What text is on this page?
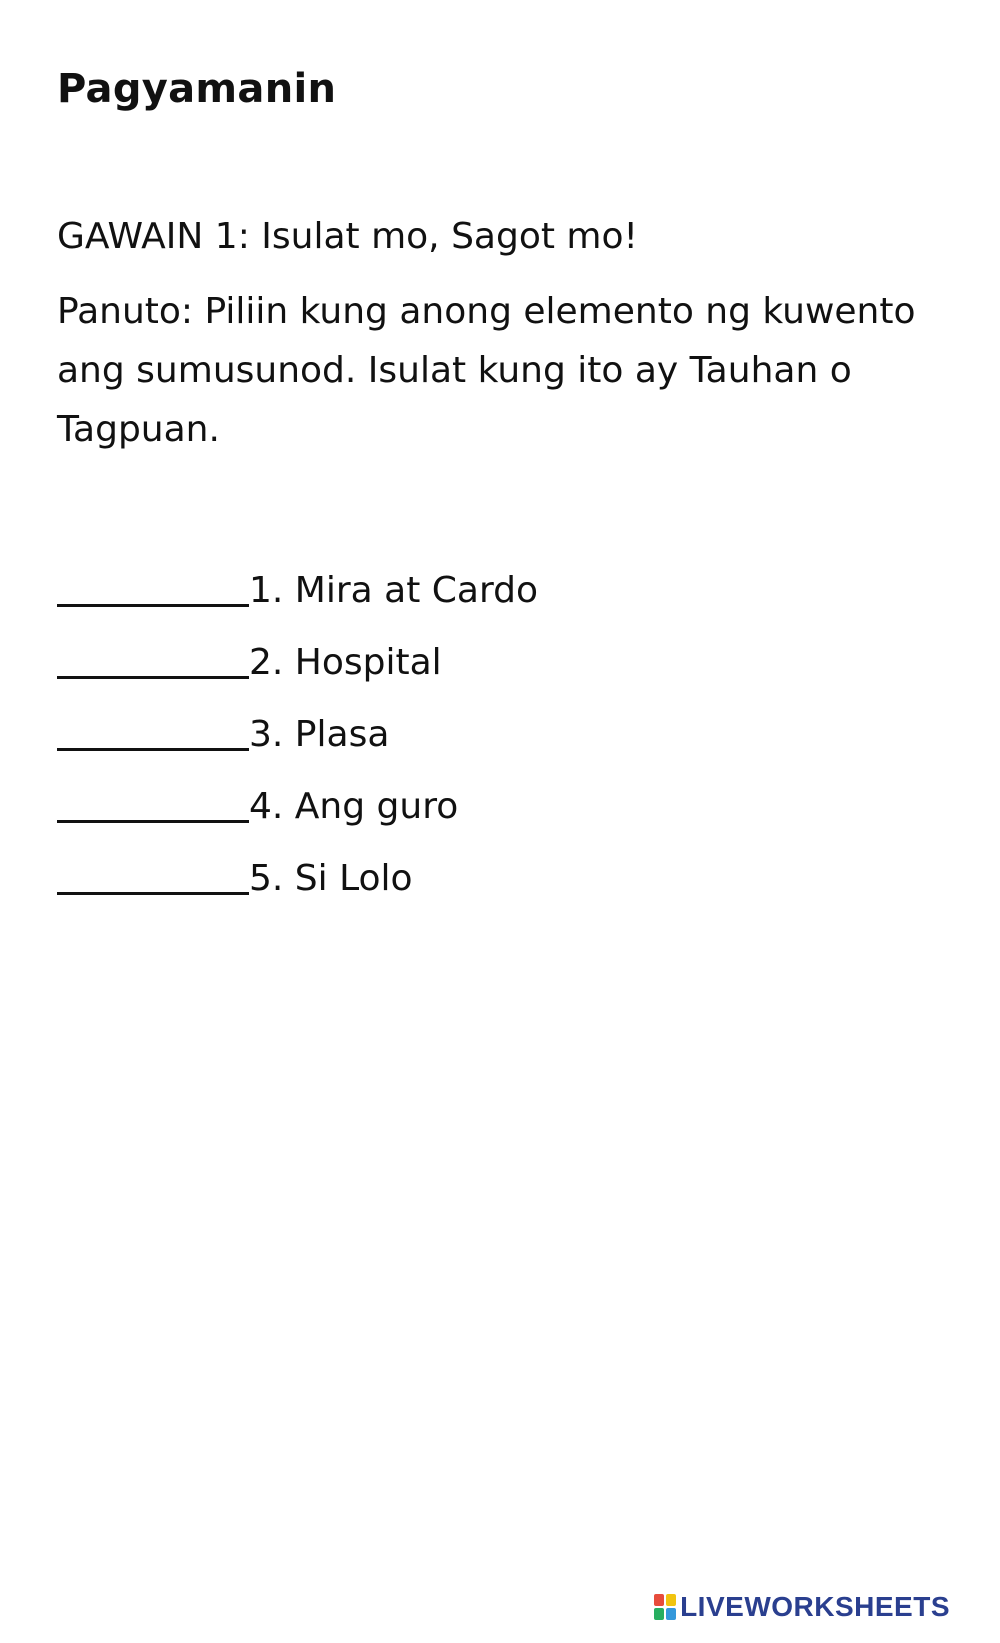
Pagyamanin

GAWAIN 1: Isulat mo, Sagot mo!

Panuto: Piliin kung anong elemento ng kuwento ang sumusunod. Isulat kung ito ay Tauhan o Tagpuan.

1. Mira at Cardo
2. Hospital
3. Plasa
4. Ang guro
5. Si Lolo
LIVEWORKSHEETS
